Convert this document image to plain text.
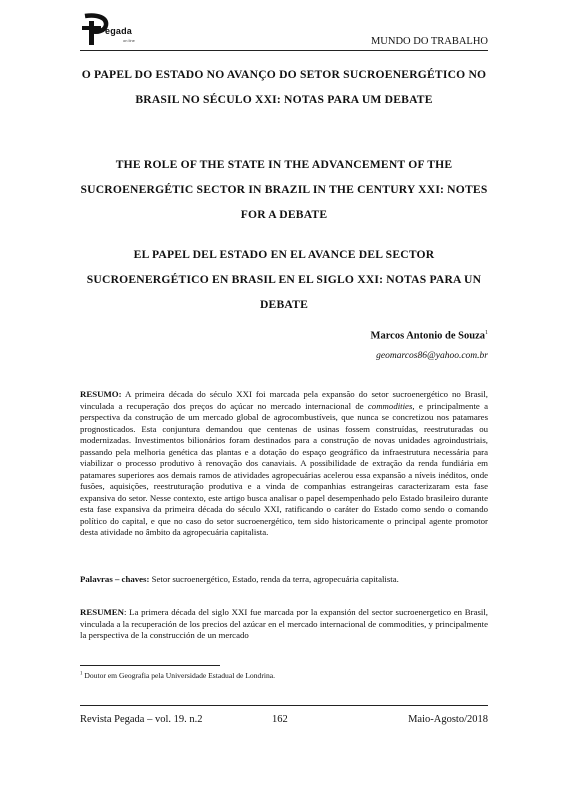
egada
on line	MUNDO DO TRABALHO
O PAPEL DO ESTADO NO AVANÇO DO SETOR SUCROENERGÉTICO NO BRASIL NO SÉCULO XXI: NOTAS PARA UM DEBATE
THE ROLE OF THE STATE IN THE ADVANCEMENT OF THE SUCROENERGÉTIC SECTOR IN BRAZIL IN THE CENTURY XXI: NOTES FOR A DEBATE
EL PAPEL DEL ESTADO EN EL AVANCE DEL SECTOR SUCROENERGÉTICO EN BRASIL EN EL SIGLO XXI: NOTAS PARA UN DEBATE
Marcos Antonio de Souza$^1$
geomarcos86@yahoo.com.br
RESUMO: A primeira década do século XXI foi marcada pela expansão do setor sucroenergético no Brasil, vinculada a recuperação dos preços do açúcar no mercado internacional de commodities, e principalmente a perspectiva da construção de um mercado global de agrocombustíveis, que nunca se concretizou nos patamares prognosticados. Esta conjuntura demandou que centenas de usinas fossem construídas, reestruturadas ou modernizadas. Investimentos bilionários foram destinados para a construção de novas unidades agroindustriais, passando pela melhoria genética das plantas e a dotação do espaço geográfico da infraestrutura necessária para viabilizar o processo produtivo à renovação dos canaviais. A possibilidade de extração da renda fundiária em patamares superiores aos demais ramos de atividades agropecuárias acelerou essa expansão a níveis inéditos, onde fusões, aquisições, reestruturação produtiva e a vinda de companhias estrangeiras caracterizaram esta fase expansiva do setor. Nesse contexto, este artigo busca analisar o papel desempenhado pelo Estado brasileiro durante esta fase expansiva da primeira década do século XXI, ratificando o caráter do Estado como sendo o comando político do capital, e que no caso do setor sucroenergético, tem sido historicamente o principal agente promotor desta atividade no âmbito da agropecuária capitalista.
Palavras – chaves: Setor sucroenergético, Estado, renda da terra, agropecuária capitalista.
RESUMEN: La primera década del siglo XXI fue marcada por la expansión del sector sucroenergetico en Brasil, vinculada a la recuperación de los precios del azúcar en el mercado internacional de commodities, y principalmente la perspectiva de la construcción de un mercado
$^1$ Doutor em Geografia pela Universidade Estadual de Londrina.
Revista Pegada – vol. 19. n.2	162	Maio-Agosto/2018
